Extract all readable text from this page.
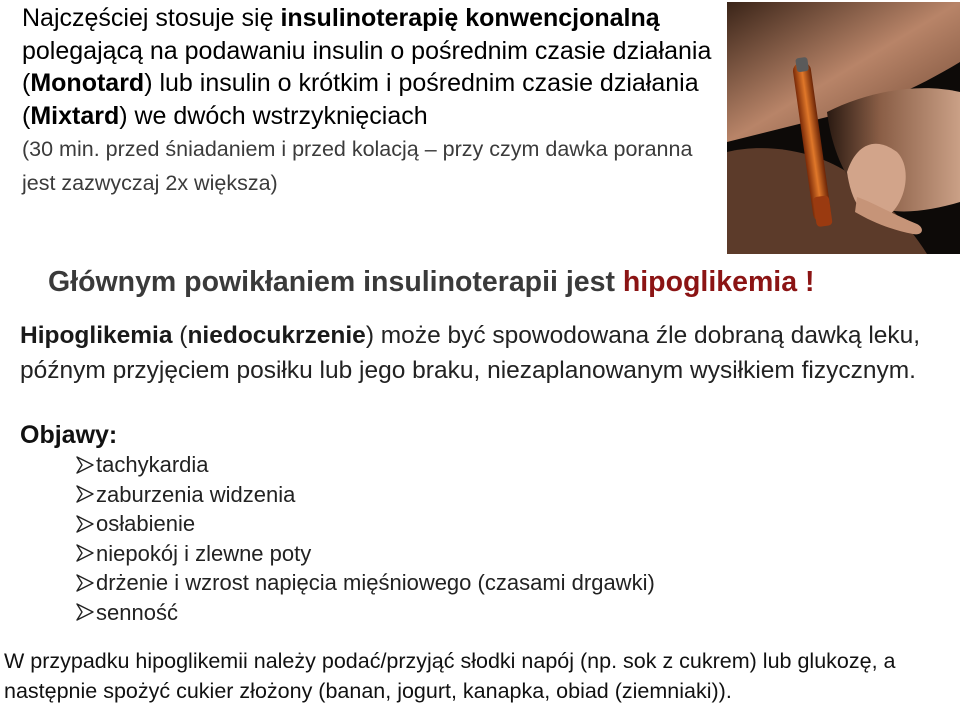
Najczęściej stosuje się insulinoterapię konwencjonalną polegającą na podawaniu insulin o pośrednim czasie działania (Monotard) lub insulin o krótkim i pośrednim czasie działania (Mixtard) we dwóch wstrzyknięciach
(30 min. przed śniadaniem i przed kolacją – przy czym dawka poranna jest zazwyczaj 2x większa)
Głównym powikłaniem insulinoterapii jest hipoglikemia !
Hipoglikemia (niedocukrzenie) może być spowodowana źle dobraną dawką leku, późnym przyjęciem posiłku lub jego braku, niezaplanowanym wysiłkiem fizycznym.
Objawy:
tachykardia
zaburzenia widzenia
osłabienie
niepokój i zlewne poty
drżenie i wzrost napięcia mięśniowego (czasami drgawki)
senność
W przypadku hipoglikemii należy podać/przyjąć słodki napój (np. sok z cukrem) lub glukozę, a następnie spożyć cukier złożony (banan, jogurt, kanapka, obiad (ziemniaki)).
